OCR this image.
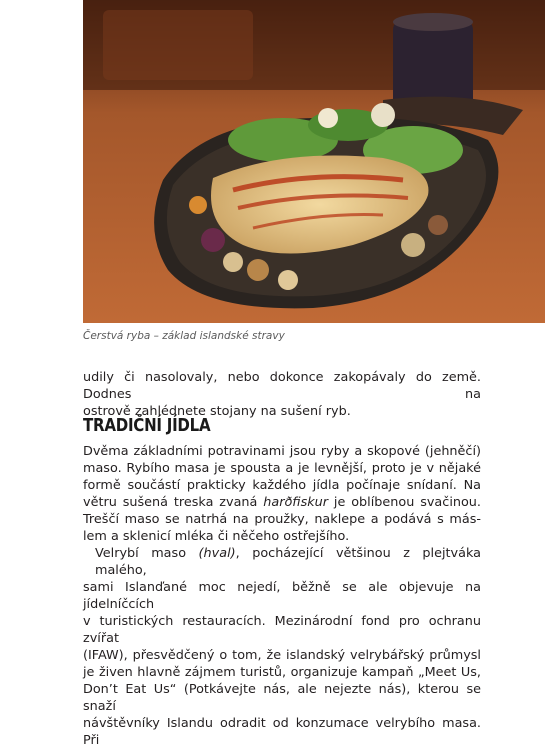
Čerstvá ryba – základ islandské stravy
udily či nasolovaly, nebo dokonce zakopávaly do země. Dodnes na
ostrově zahlédnete stojany na sušení ryb.
TRADIČNÍ JÍDLA
Dvěma základními potravinami jsou ryby a skopové (jehněčí)
maso. Rybího masa je spousta a je levnější, proto je v nějaké
formě součástí prakticky každého jídla počínaje snídaní. Na
větru sušená treska zvaná harðfiskur je oblíbenou svačinou.
Treščí maso se natrhá na proužky, naklepe a podává s más-
lem a sklenicí mléka či něčeho ostřejšího.
Velrybí maso (hval), pocházející většinou z plejtváka malého,
sami Islanďané moc nejedí, běžně se ale objevuje na jídelníčcích
v turistických restauracích. Mezinárodní fond pro ochranu zvířat
(IFAW), přesvědčený o tom, že islandský velrybářský průmysl
je živen hlavně zájmem turistů, organizuje kampaň „Meet Us,
Don’t Eat Us“ (Potkávejte nás, ale nejezte nás), kterou se snaží
návštěvníky Islandu odradit od konzumace velrybího masa. Při
